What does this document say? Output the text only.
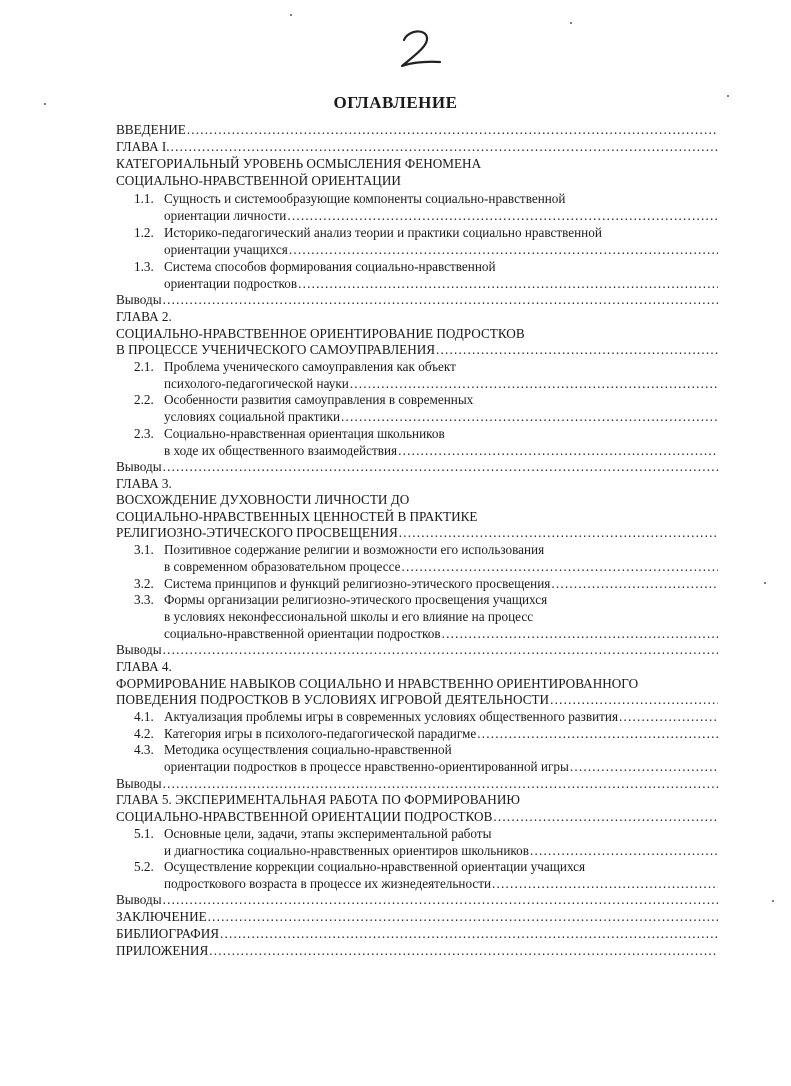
ОГЛАВЛЕНИЕ
ВВЕДЕНИЕ
.....
ГЛАВА I.
.....
КАТЕГОРИАЛЬНЫЙ УРОВЕНЬ ОСМЫСЛЕНИЯ ФЕНОМЕНА
СОЦИАЛЬНО-НРАВСТВЕННОЙ ОРИЕНТАЦИИ
1.1. Сущность и системообразующие компоненты социально-нравственной
ориентации личности
.....
1.2. Историко-педагогический анализ теории и практики социально нравственной
ориентации учащихся
.....
1.3. Система способов формирования социально-нравственной
ориентации подростков
.....
Выводы
.....
ГЛАВА 2.
СОЦИАЛЬНО-НРАВСТВЕННОЕ ОРИЕНТИРОВАНИЕ ПОДРОСТКОВ
В ПРОЦЕССЕ УЧЕНИЧЕСКОГО САМОУПРАВЛЕНИЯ
.....
2.1. Проблема ученического самоуправления как объект
психолого-педагогической науки
.....
2.2. Особенности развития самоуправления в современных
условиях социальной практики
.....
2.3. Социально-нравственная ориентация школьников
в ходе их общественного взаимодействия
.....
Выводы
.....
ГЛАВА 3.
ВОСХОЖДЕНИЕ ДУХОВНОСТИ ЛИЧНОСТИ ДО
СОЦИАЛЬНО-НРАВСТВЕННЫХ ЦЕННОСТЕЙ В ПРАКТИКЕ
РЕЛИГИОЗНО-ЭТИЧЕСКОГО ПРОСВЕЩЕНИЯ
.....
3.1. Позитивное содержание религии и возможности его использования
в современном образовательном процессе
.....
3.2. Система принципов и функций религиозно-этического просвещения
.....
3.3. Формы организации религиозно-этического просвещения учащихся
в условиях неконфессиональной школы и его влияние на процесс
социально-нравственной ориентации подростков
.....
Выводы
.....
ГЛАВА 4.
ФОРМИРОВАНИЕ НАВЫКОВ СОЦИАЛЬНО И НРАВСТВЕННО ОРИЕНТИРОВАННОГО
ПОВЕДЕНИЯ ПОДРОСТКОВ В УСЛОВИЯХ ИГРОВОЙ ДЕЯТЕЛЬНОСТИ
.....
4.1. Актуализация проблемы игры в современных условиях общественного развития
.....
4.2. Категория игры в психолого-педагогической парадигме
.....
4.3. Методика осуществления социально-нравственной
ориентации подростков в процессе нравственно-ориентированной игры
.....
Выводы
.....
ГЛАВА 5. ЭКСПЕРИМЕНТАЛЬНАЯ РАБОТА ПО ФОРМИРОВАНИЮ
СОЦИАЛЬНО-НРАВСТВЕННОЙ ОРИЕНТАЦИИ ПОДРОСТКОВ
.....
5.1. Основные цели, задачи, этапы экспериментальной работы
и диагностика социально-нравственных ориентиров школьников
.....
5.2. Осуществление коррекции социально-нравственной ориентации учащихся
подросткового возраста в процессе их жизнедеятельности
.....
Выводы
.....
ЗАКЛЮЧЕНИЕ
.....
БИБЛИОГРАФИЯ
.....
ПРИЛОЖЕНИЯ
.....
